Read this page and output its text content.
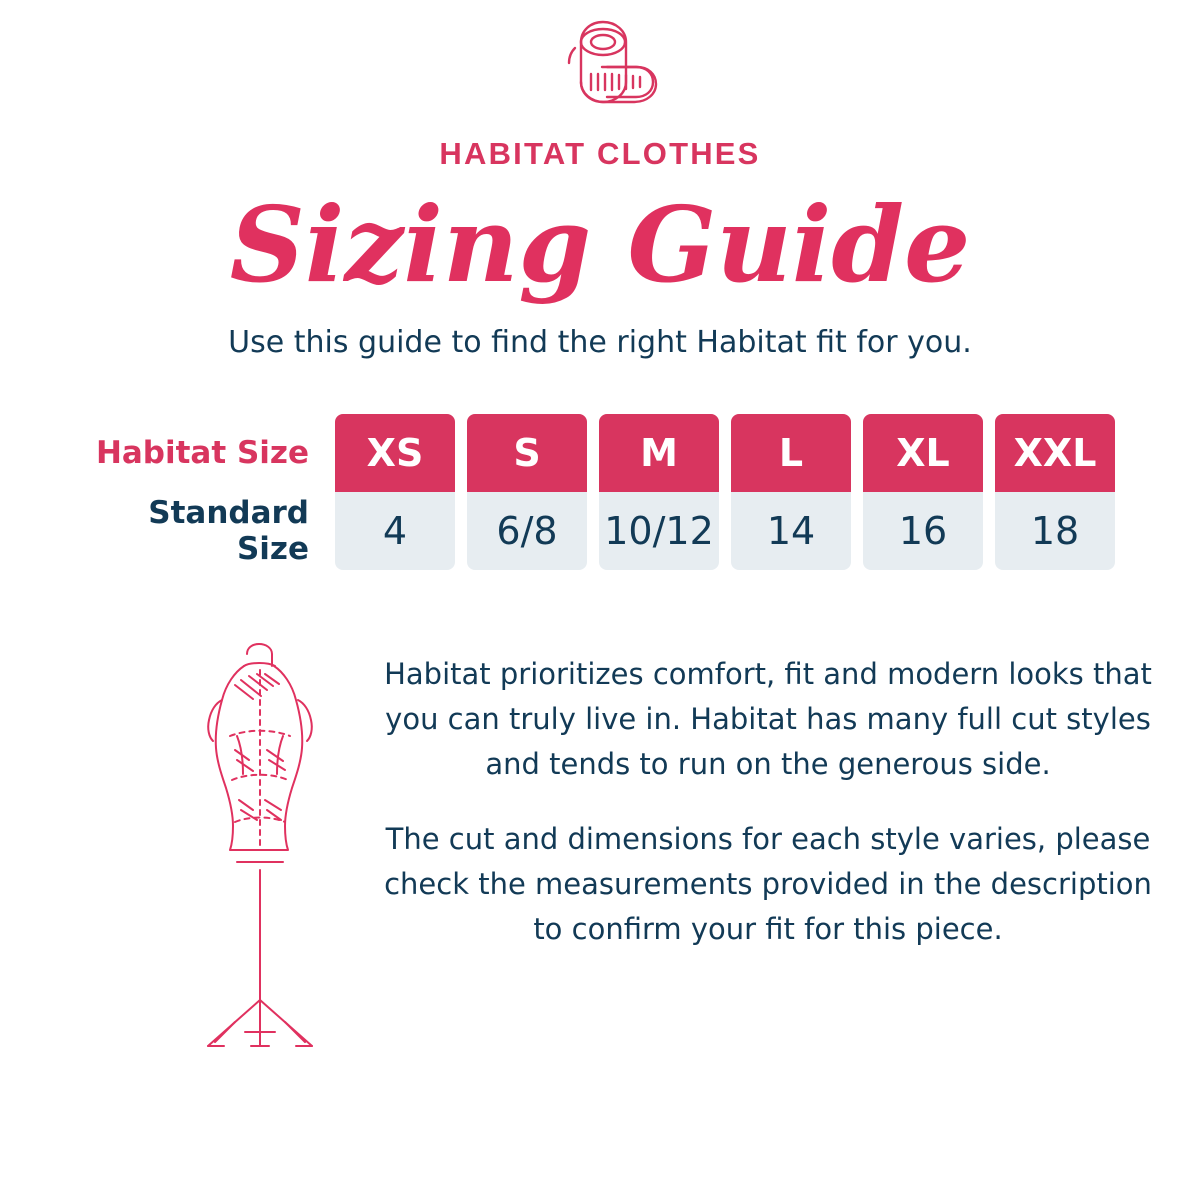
HABITAT CLOTHES
Sizing Guide
Use this guide to find the right Habitat fit for you.
Habitat Size
Standard Size
XS
4
S
6/8
M
10/12
L
14
XL
16
XXL
18

Habitat prioritizes comfort, fit and modern looks that you can truly live in. Habitat has many full cut styles and tends to run on the generous side.

The cut and dimensions for each style varies, please check the measurements provided in the description to confirm your fit for this piece.
